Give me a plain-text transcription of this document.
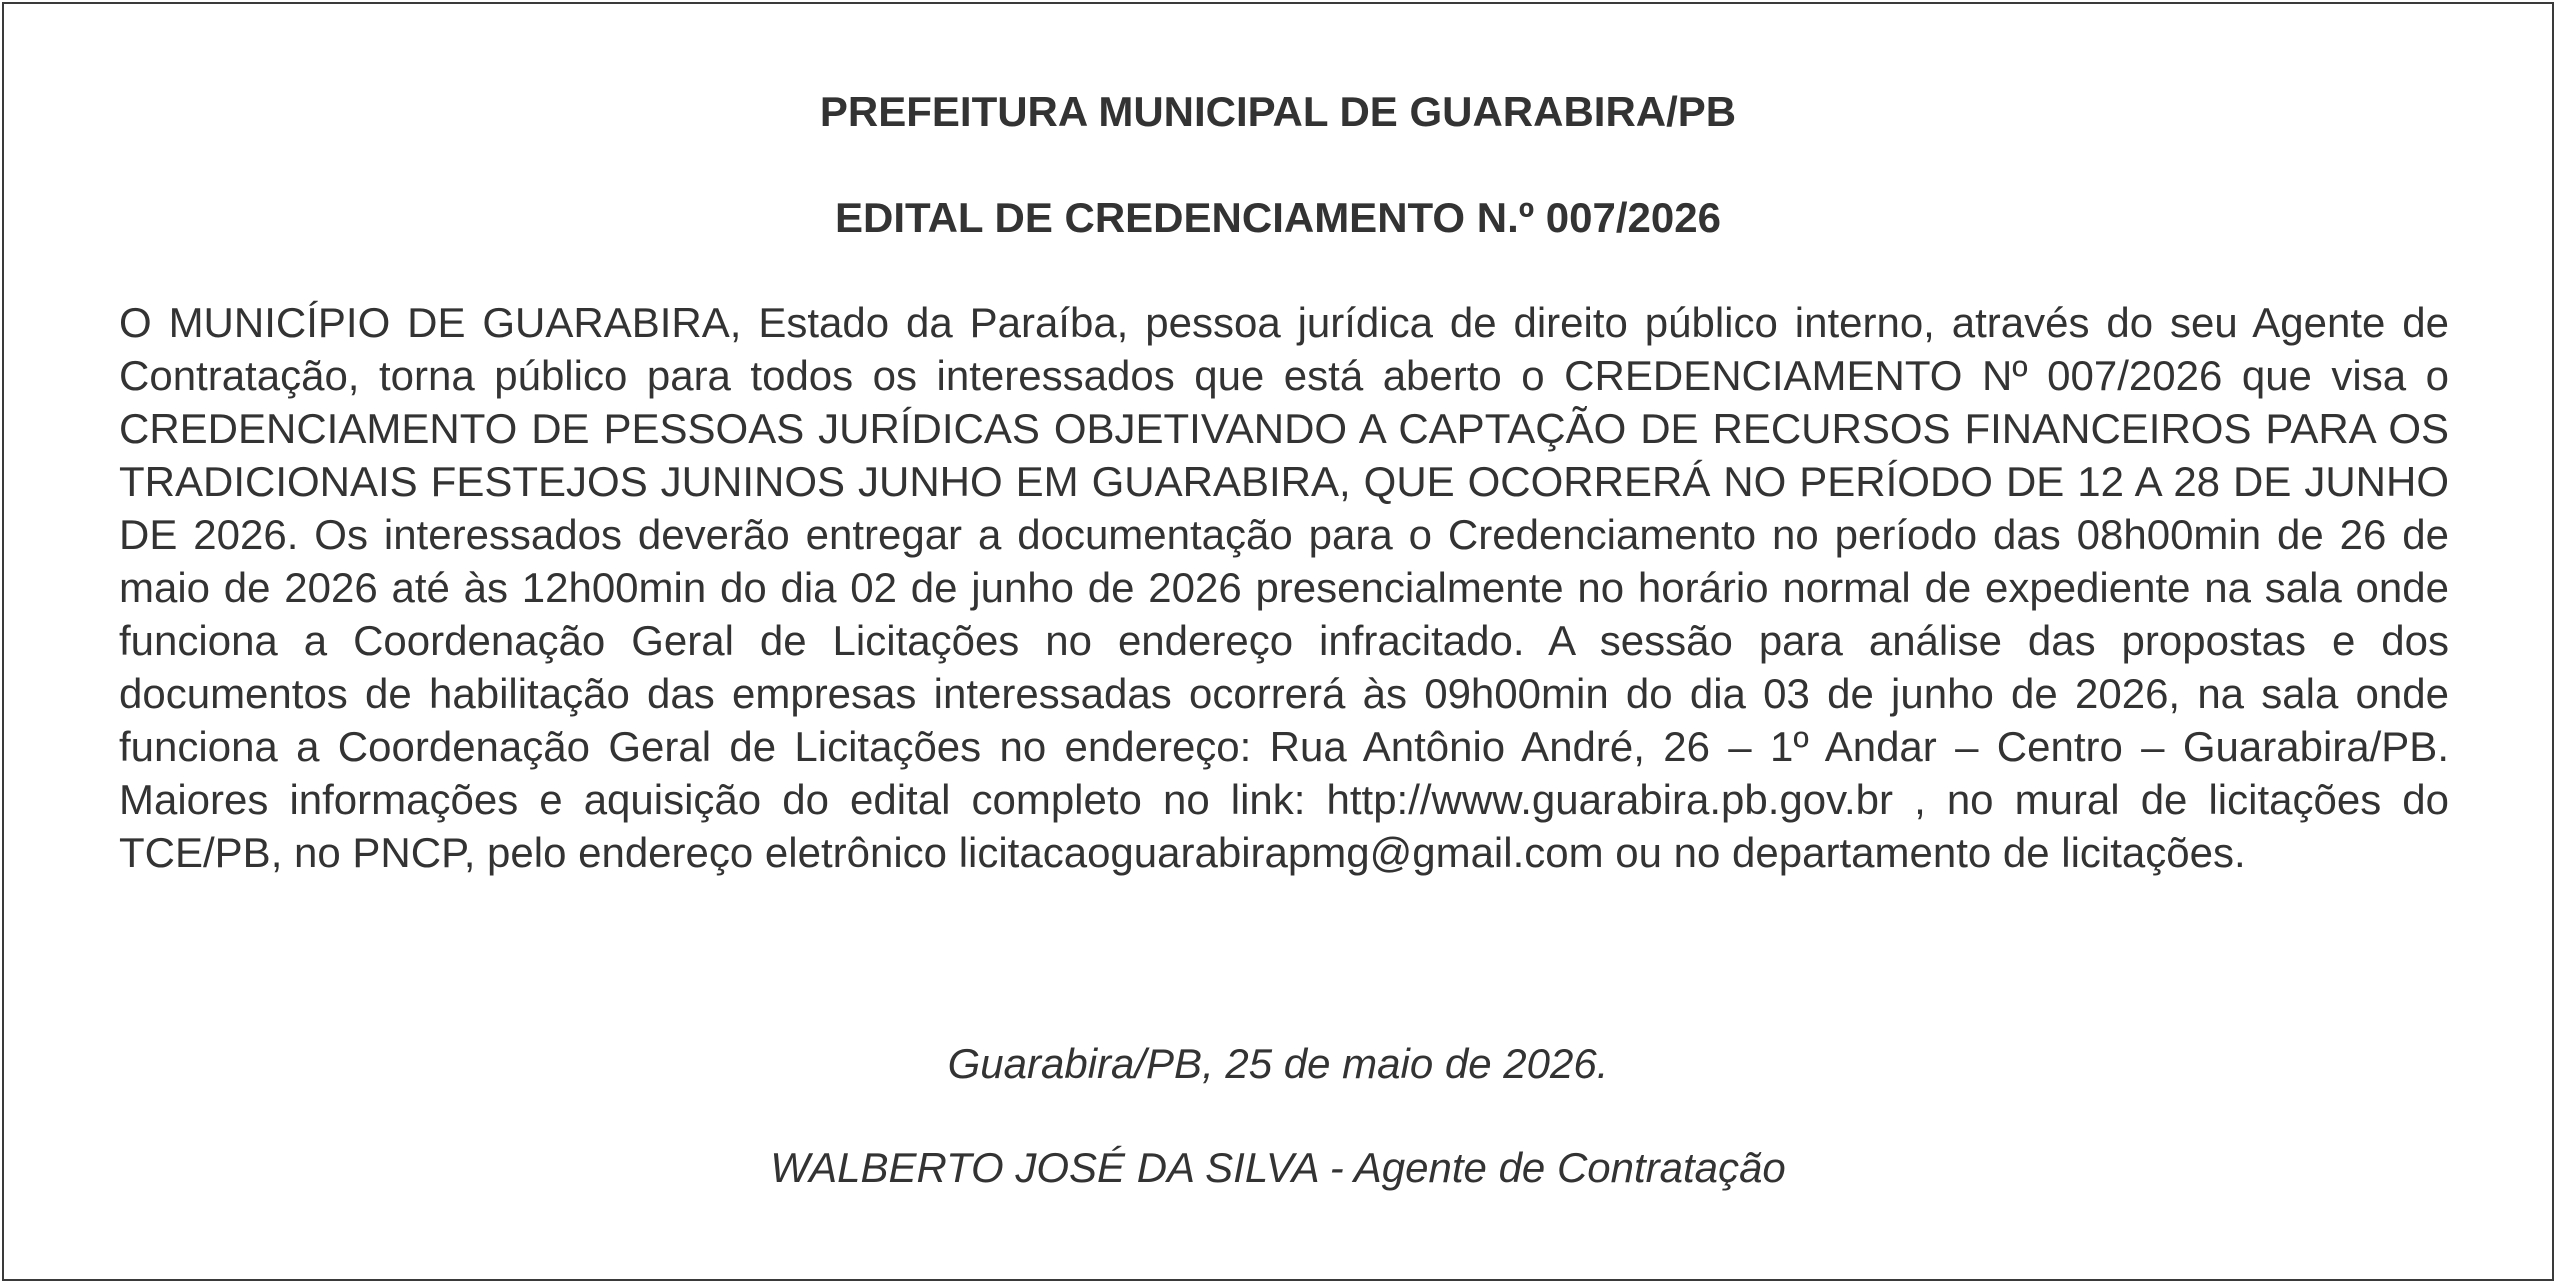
PREFEITURA MUNICIPAL DE GUARABIRA/PB
EDITAL DE CREDENCIAMENTO N.º 007/2026

O MUNICÍPIO DE GUARABIRA, Estado da Paraíba, pessoa jurídica de direito público interno, através do seu Agente de Contratação, torna público para todos os interessados que está aberto o CREDENCIAMENTO Nº 007/2026 que visa o CREDENCIAMENTO DE PESSOAS JURÍDICAS OBJETIVANDO A CAPTAÇÃO DE RECURSOS FINANCEIROS PARA OS TRADICIONAIS FESTEJOS JUNINOS JUNHO EM GUARABIRA, QUE OCORRERÁ NO PERÍODO DE 12 A 28 DE JUNHO DE 2026. Os interessados deverão entregar a documentação para o Credenciamento no período das 08h00min de 26 de maio de 2026 até às 12h00min do dia 02 de junho de 2026 presencialmente no horário normal de expediente na sala onde funciona a Coordenação Geral de Licitações no endereço infracitado. A sessão para análise das propostas e dos documentos de habilitação das empresas interessadas ocorrerá às 09h00min do dia 03 de junho de 2026, na sala onde funciona a Coordenação Geral de Licitações no endereço: Rua Antônio André, 26 – 1º Andar – Centro – Guarabira/PB. Maiores informações e aquisição do edital completo no link: http://www.guarabira.pb.gov.br , no mural de licitações do TCE/PB, no PNCP, pelo endereço eletrônico licitacaoguarabirapmg@gmail.com ou no departamento de licitações.

Guarabira/PB, 25 de maio de 2026.

WALBERTO JOSÉ DA SILVA - Agente de Contratação
